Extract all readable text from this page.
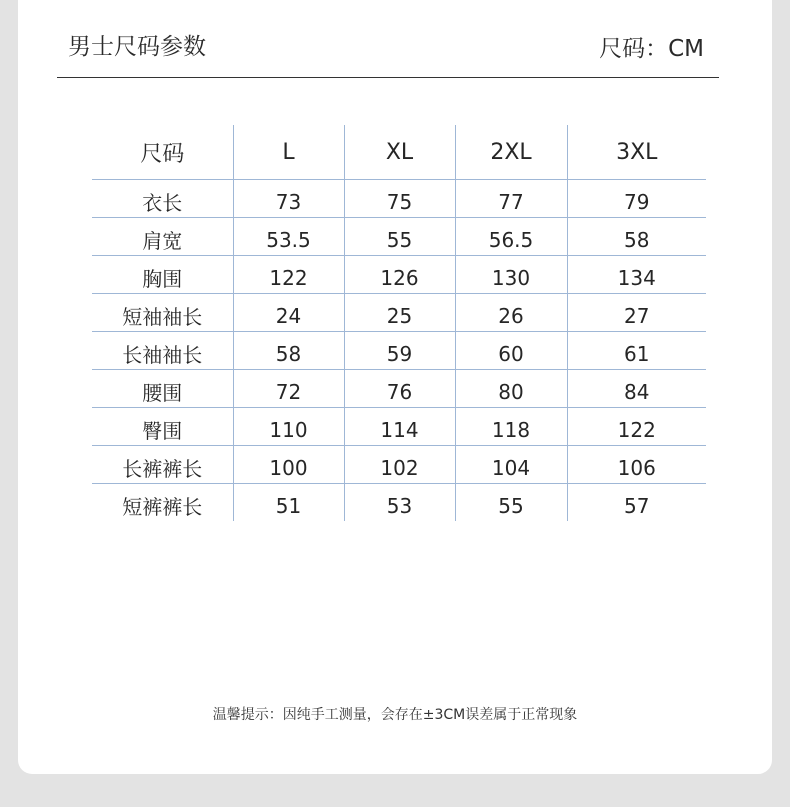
男士尺码参数	尺码：CM
尺码	L	XL	2XL	3XL
衣长	73	75	77	79
肩宽	53.5	55	56.5	58
胸围	122	126	130	134
短袖袖长	24	25	26	27
长袖袖长	58	59	60	61
腰围	72	76	80	84
臀围	110	114	118	122
长裤裤长	100	102	104	106
短裤裤长	51	53	55	57
温馨提示：因纯手工测量，会存在±3CM误差属于正常现象
